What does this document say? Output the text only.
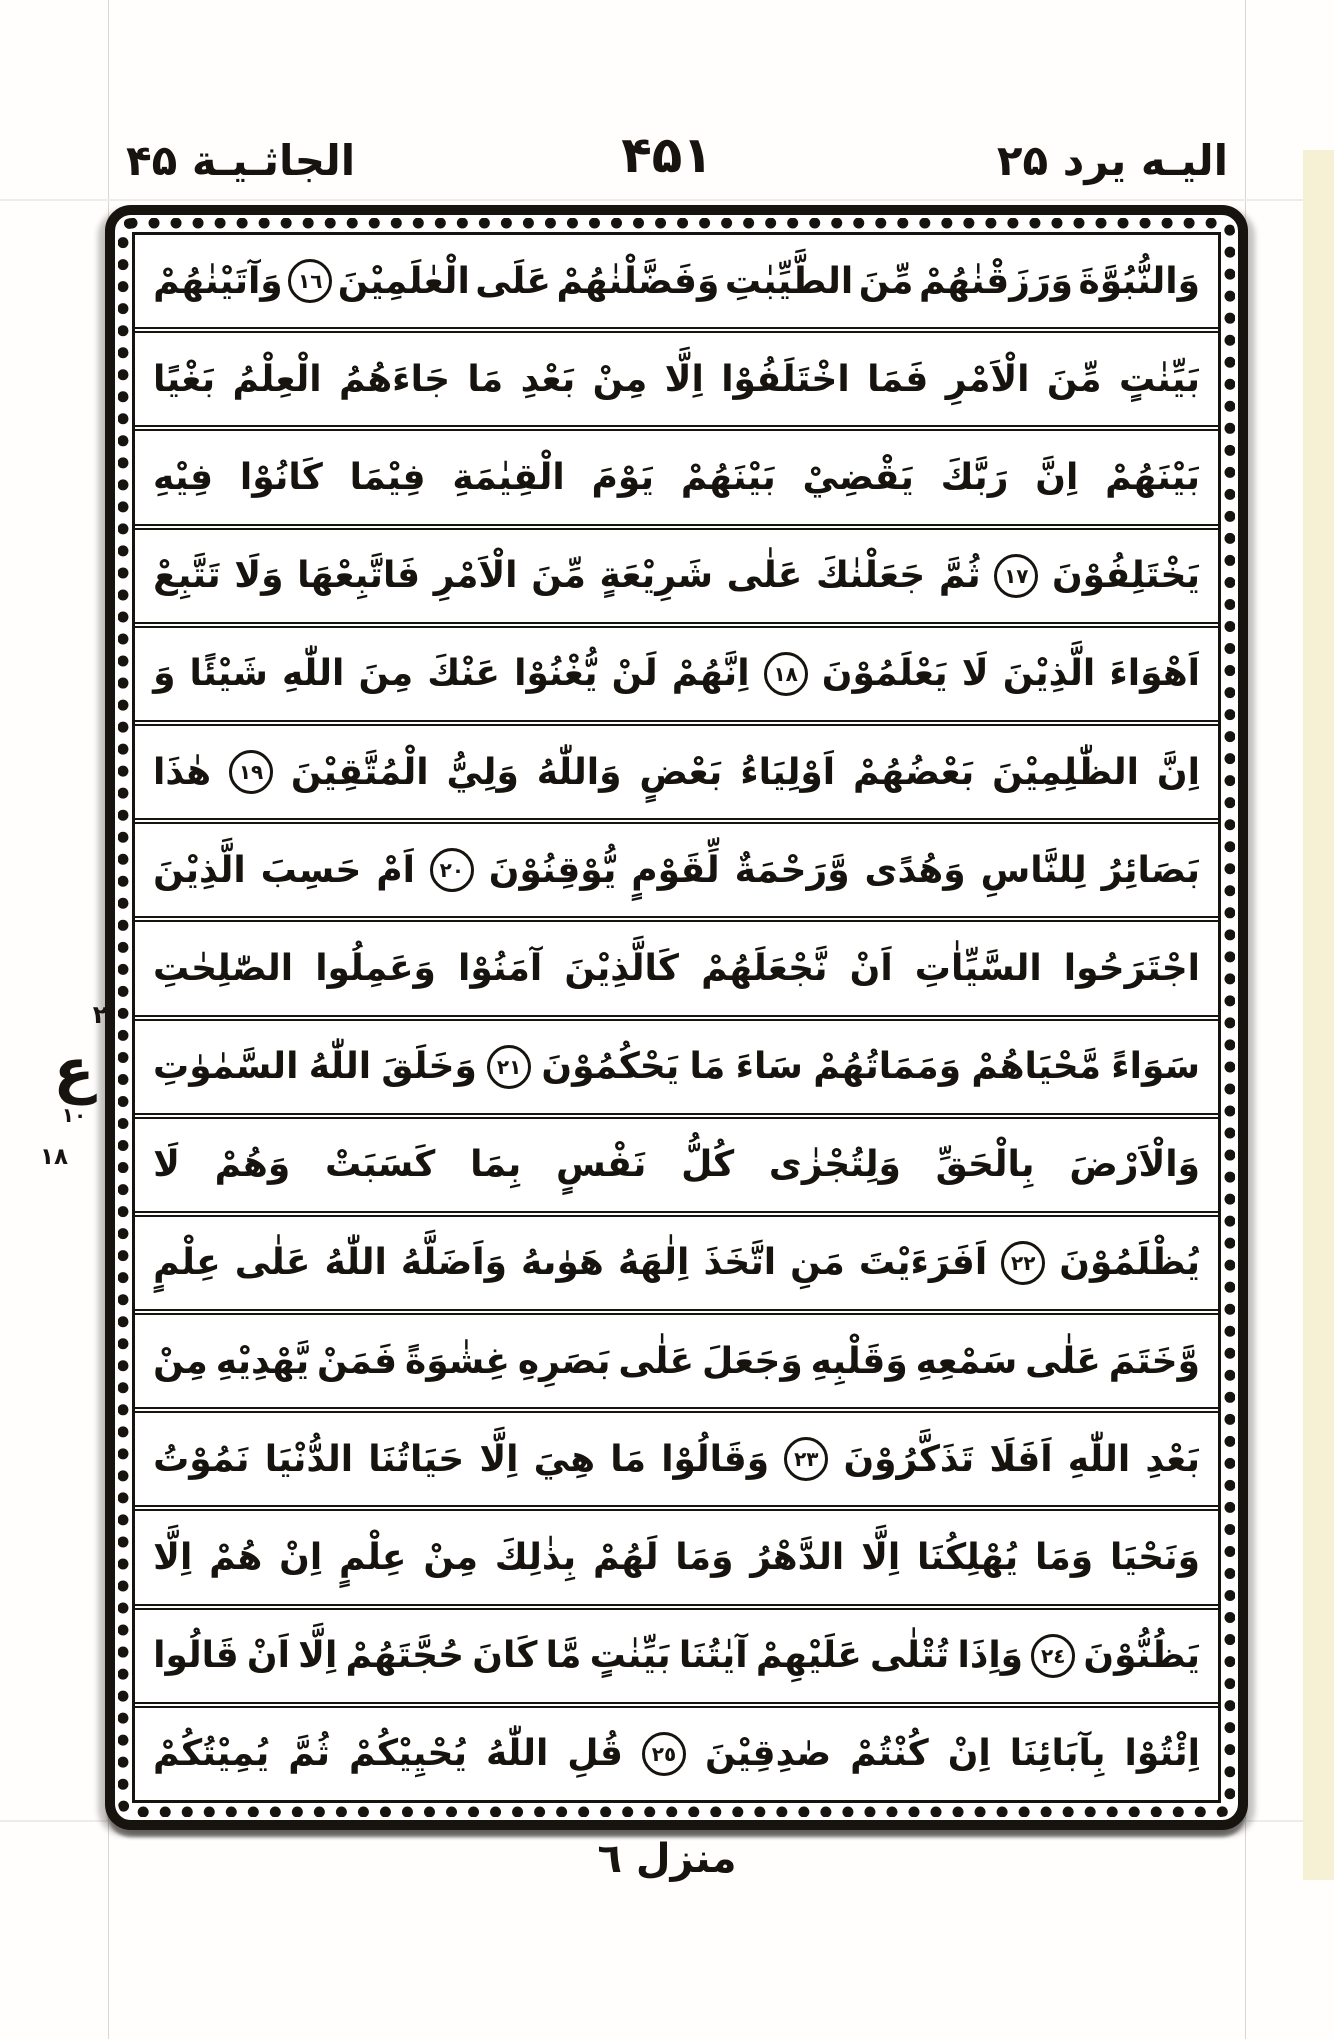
الجاثـيـة ۴۵	۴۵۱	اليـه يرد ۲۵
وَالنُّبُوَّةَ
وَرَزَقْنٰهُمْ
مِّنَ
الطَّيِّبٰتِ
وَفَضَّلْنٰهُمْ
عَلَى
الْعٰلَمِيْنَ
١٦
وَآتَيْنٰهُمْ
بَيِّنٰتٍ
مِّنَ
الْاَمْرِ
فَمَا
اخْتَلَفُوْا
اِلَّا
مِنْ
بَعْدِ
مَا
جَاءَهُمُ
الْعِلْمُ
بَغْيًا
بَيْنَهُمْ
اِنَّ
رَبَّكَ
يَقْضِيْ
بَيْنَهُمْ
يَوْمَ
الْقِيٰمَةِ
فِيْمَا
كَانُوْا
فِيْهِ
يَخْتَلِفُوْنَ
١٧
ثُمَّ
جَعَلْنٰكَ
عَلٰى
شَرِيْعَةٍ
مِّنَ
الْاَمْرِ
فَاتَّبِعْهَا
وَلَا
تَتَّبِعْ
اَهْوَاءَ
الَّذِيْنَ
لَا
يَعْلَمُوْنَ
١٨
اِنَّهُمْ
لَنْ
يُّغْنُوْا
عَنْكَ
مِنَ
اللّٰهِ
شَيْئًا
وَ
اِنَّ
الظّٰلِمِيْنَ
بَعْضُهُمْ
اَوْلِيَاءُ
بَعْضٍ
وَاللّٰهُ
وَلِيُّ
الْمُتَّقِيْنَ
١٩
هٰذَا
بَصَائِرُ
لِلنَّاسِ
وَهُدًى
وَّرَحْمَةٌ
لِّقَوْمٍ
يُّوْقِنُوْنَ
٢٠
اَمْ
حَسِبَ
الَّذِيْنَ
اجْتَرَحُوا
السَّيِّاٰتِ
اَنْ
نَّجْعَلَهُمْ
كَالَّذِيْنَ
آمَنُوْا
وَعَمِلُوا
الصّٰلِحٰتِ
سَوَاءً
مَّحْيَاهُمْ
وَمَمَاتُهُمْ
سَاءَ
مَا
يَحْكُمُوْنَ
٢١
وَخَلَقَ
اللّٰهُ
السَّمٰوٰتِ
وَالْاَرْضَ
بِالْحَقِّ
وَلِتُجْزٰى
كُلُّ
نَفْسٍ
بِمَا
كَسَبَتْ
وَهُمْ
لَا
يُظْلَمُوْنَ
٢٢
اَفَرَءَيْتَ
مَنِ
اتَّخَذَ
اِلٰهَهُ
هَوٰىهُ
وَاَضَلَّهُ
اللّٰهُ
عَلٰى
عِلْمٍ
وَّخَتَمَ
عَلٰى
سَمْعِهِ
وَقَلْبِهِ
وَجَعَلَ
عَلٰى
بَصَرِهِ
غِشٰوَةً
فَمَنْ
يَّهْدِيْهِ
مِنْ
بَعْدِ
اللّٰهِ
اَفَلَا
تَذَكَّرُوْنَ
٢٣
وَقَالُوْا
مَا
هِيَ
اِلَّا
حَيَاتُنَا
الدُّنْيَا
نَمُوْتُ
وَنَحْيَا
وَمَا
يُهْلِكُنَا
اِلَّا
الدَّهْرُ
وَمَا
لَهُمْ
بِذٰلِكَ
مِنْ
عِلْمٍ
اِنْ
هُمْ
اِلَّا
يَظُنُّوْنَ
٢٤
وَاِذَا
تُتْلٰى
عَلَيْهِمْ
آيٰتُنَا
بَيِّنٰتٍ
مَّا
كَانَ
حُجَّتَهُمْ
اِلَّا
اَنْ
قَالُوا
اِئْتُوْا
بِآبَائِنَا
اِنْ
كُنْتُمْ
صٰدِقِيْنَ
٢٥
قُلِ
اللّٰهُ
يُحْيِيْكُمْ
ثُمَّ
يُمِيْتُكُمْ
٢
ع
١٠
١٨
منزل ٦
